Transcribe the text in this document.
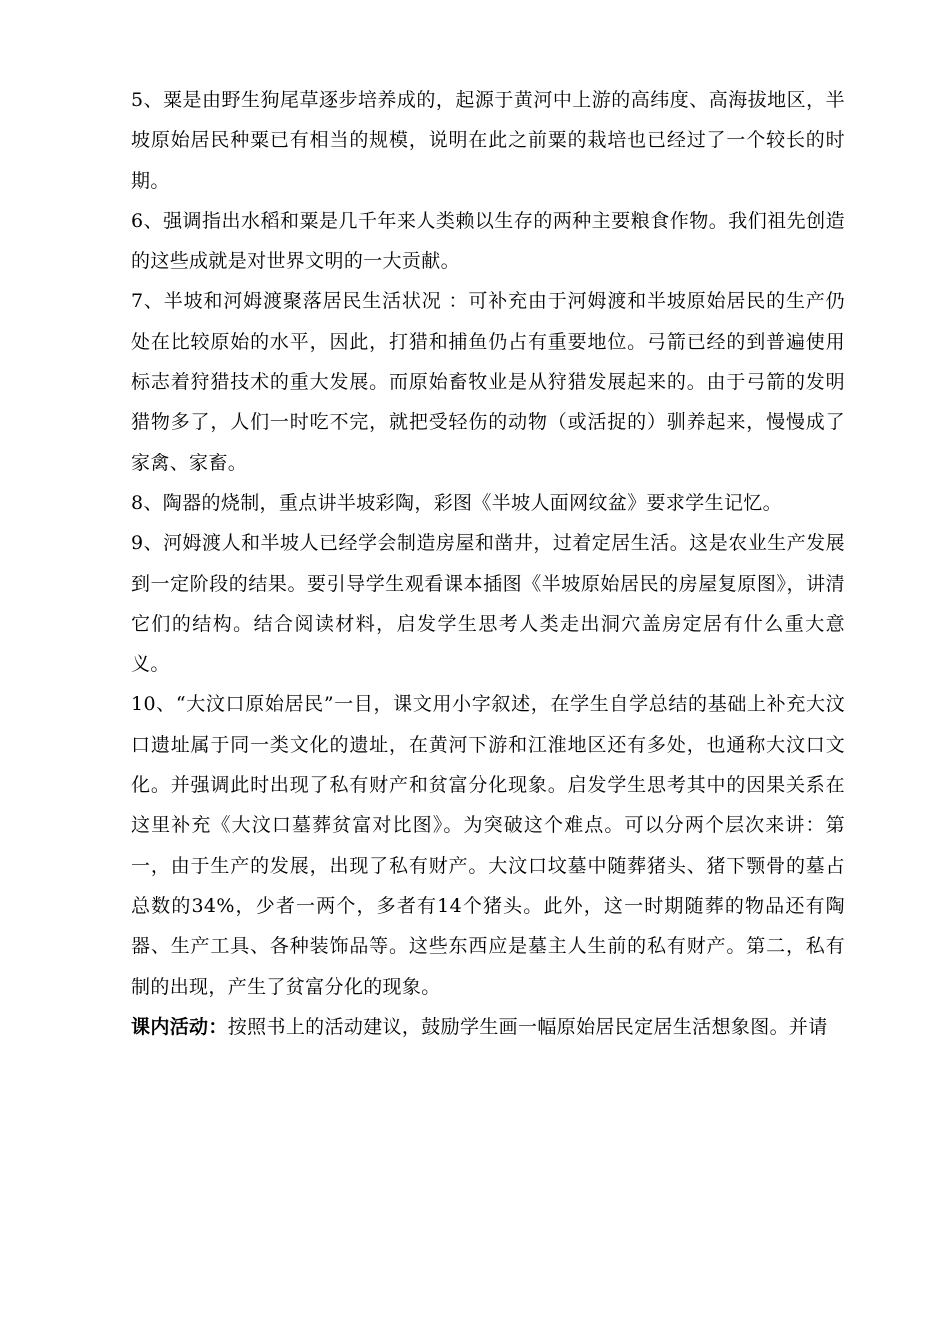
5、粟是由野生狗尾草逐步培养成的，起源于黄河中上游的高纬度、高海拔地区，半坡原始居民种粟已有相当的规模，说明在此之前粟的栽培也已经过了一个较长的时期。

6、强调指出水稻和粟是几千年来人类赖以生存的两种主要粮食作物。我们祖先创造的这些成就是对世界文明的一大贡献。

7、半坡和河姆渡聚落居民生活状况 ：可补充由于河姆渡和半坡原始居民的生产仍处在比较原始的水平，因此，打猎和捕鱼仍占有重要地位。弓箭已经的到普遍使用标志着狩猎技术的重大发展。而原始畜牧业是从狩猎发展起来的。由于弓箭的发明猎物多了，人们一时吃不完，就把受轻伤的动物（或活捉的）驯养起来，慢慢成了家禽、家畜。

8、陶器的烧制，重点讲半坡彩陶，彩图《半坡人面网纹盆》要求学生记忆。

9、河姆渡人和半坡人已经学会制造房屋和凿井，过着定居生活。这是农业生产发展到一定阶段的结果。要引导学生观看课本插图《半坡原始居民的房屋复原图》，讲清它们的结构。结合阅读材料，启发学生思考人类走出洞穴盖房定居有什么重大意义。

10、“大汶口原始居民”一目，课文用小字叙述，在学生自学总结的基础上补充大汶口遗址属于同一类文化的遗址，在黄河下游和江淮地区还有多处，也通称大汶口文化。并强调此时出现了私有财产和贫富分化现象。启发学生思考其中的因果关系在这里补充《大汶口墓葬贫富对比图》。为突破这个难点。可以分两个层次来讲：第一，由于生产的发展，出现了私有财产。大汶口坟墓中随葬猪头、猪下颚骨的墓占总数的34%，少者一两个，多者有14个猪头。此外，这一时期随葬的物品还有陶器、生产工具、各种装饰品等。这些东西应是墓主人生前的私有财产。第二，私有制的出现，产生了贫富分化的现象。

课内活动：按照书上的活动建议，鼓励学生画一幅原始居民定居生活想象图。并请
